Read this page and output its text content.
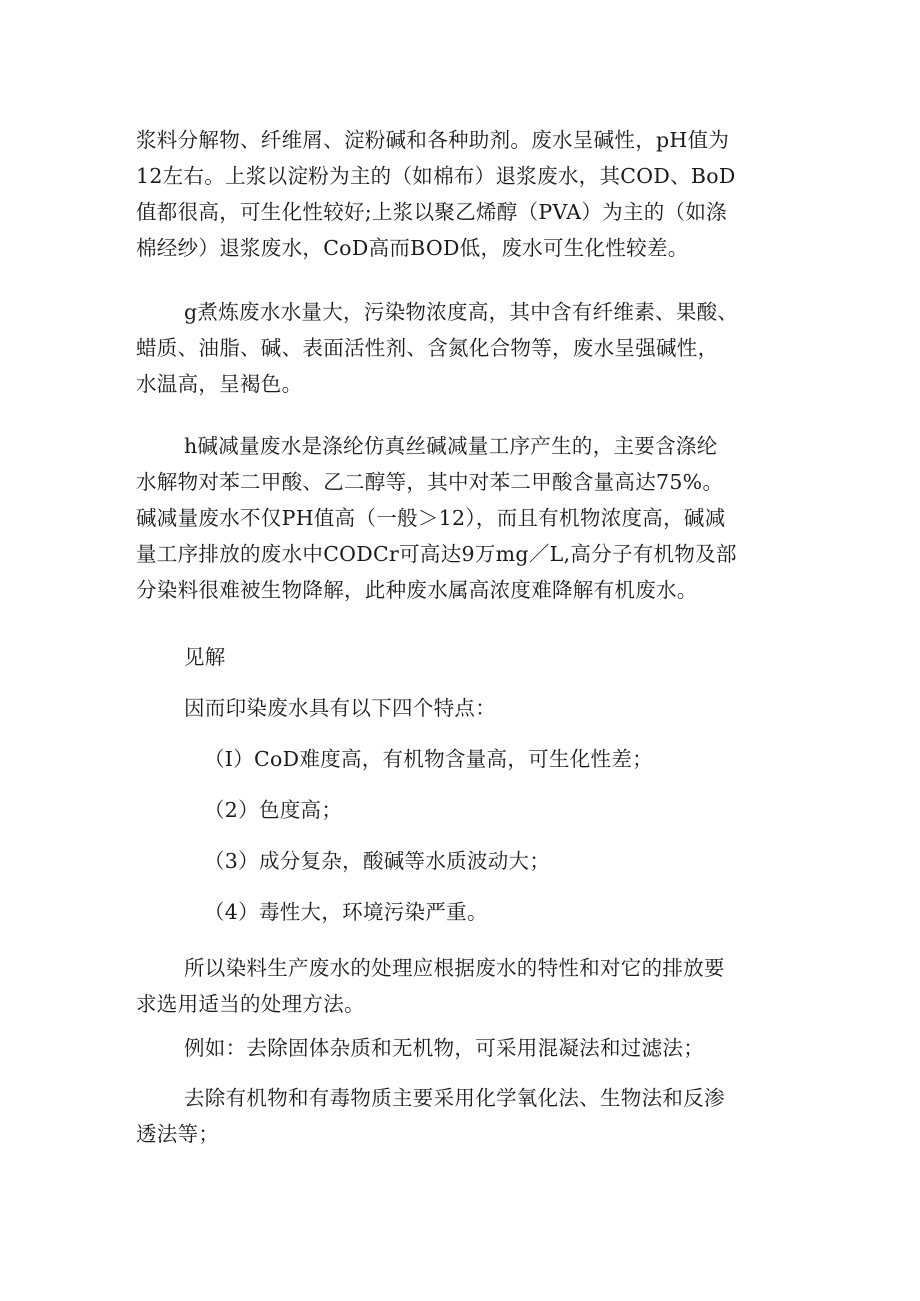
浆料分解物、纤维屑、淀粉碱和各种助剂。废水呈碱性，pH值为
12左右。上浆以淀粉为主的（如棉布）退浆废水，其COD、BoD
值都很高，可生化性较好;上浆以聚乙烯醇（PVA）为主的（如涤
棉经纱）退浆废水，CoD高而BOD低，废水可生化性较差。

g煮炼废水水量大，污染物浓度高，其中含有纤维素、果酸、
蜡质、油脂、碱、表面活性剂、含氮化合物等，废水呈强碱性，
水温高，呈褐色。

h碱减量废水是涤纶仿真丝碱减量工序产生的，主要含涤纶
水解物对苯二甲酸、乙二醇等，其中对苯二甲酸含量高达75%。
碱减量废水不仅PH值高（一般＞12），而且有机物浓度高，碱减
量工序排放的废水中CODCr可高达9万mg／L,高分子有机物及部
分染料很难被生物降解，此种废水属高浓度难降解有机废水。

见解

因而印染废水具有以下四个特点：

（I）CoD难度高，有机物含量高，可生化性差；

（2）色度高；

（3）成分复杂，酸碱等水质波动大；

（4）毒性大，环境污染严重。

所以染料生产废水的处理应根据废水的特性和对它的排放要
求选用适当的处理方法。

例如：去除固体杂质和无机物，可采用混凝法和过滤法；

去除有机物和有毒物质主要采用化学氧化法、生物法和反渗
透法等；
